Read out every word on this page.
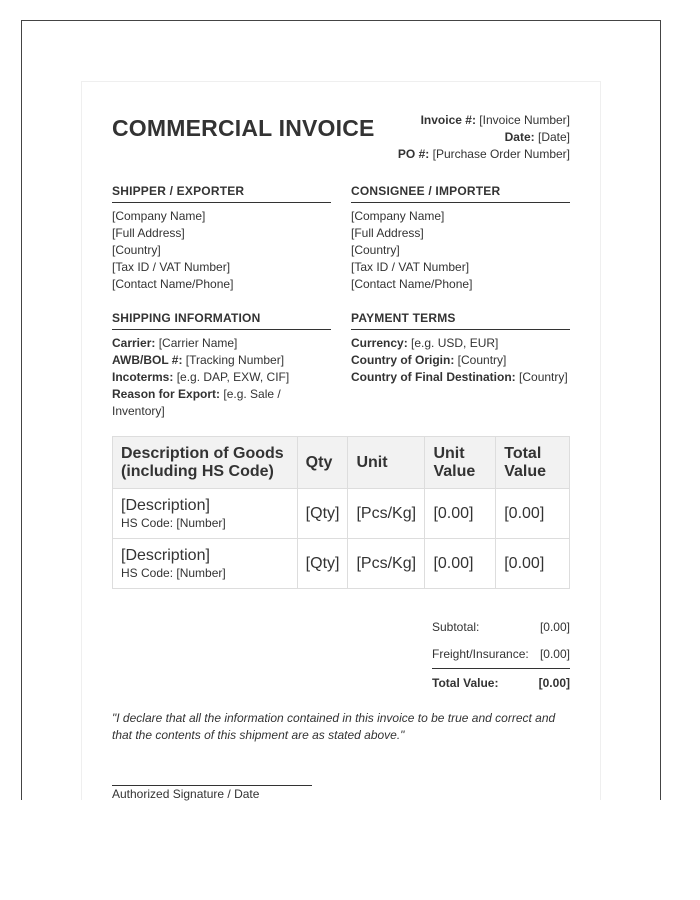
COMMERCIAL INVOICE	Invoice #: [Invoice Number]
Date: [Date]
PO #: [Purchase Order Number]
SHIPPER / EXPORTER
[Company Name]
[Full Address]
[Country]
[Tax ID / VAT Number]
[Contact Name/Phone]
CONSIGNEE / IMPORTER
[Company Name]
[Full Address]
[Country]
[Tax ID / VAT Number]
[Contact Name/Phone]
SHIPPING INFORMATION
Carrier: [Carrier Name]
AWB/BOL #: [Tracking Number]
Incoterms: [e.g. DAP, EXW, CIF]
Reason for Export: [e.g. Sale / Inventory]
PAYMENT TERMS
Currency: [e.g. USD, EUR]
Country of Origin: [Country]
Country of Final Destination: [Country]
Description of Goods (including HS Code)	Qty	Unit	Unit Value	Total Value

[Description]
HS Code: [Number]	[Qty]	[Pcs/Kg]	[0.00]	[0.00]

[Description]
HS Code: [Number]	[Qty]	[Pcs/Kg]	[0.00]	[0.00]
Subtotal:	[0.00]
Freight/Insurance: [0.00]
Total Value:	[0.00]

"I declare that all the information contained in this invoice to be true and correct and that the contents of this shipment are as stated above."

Authorized Signature / Date
